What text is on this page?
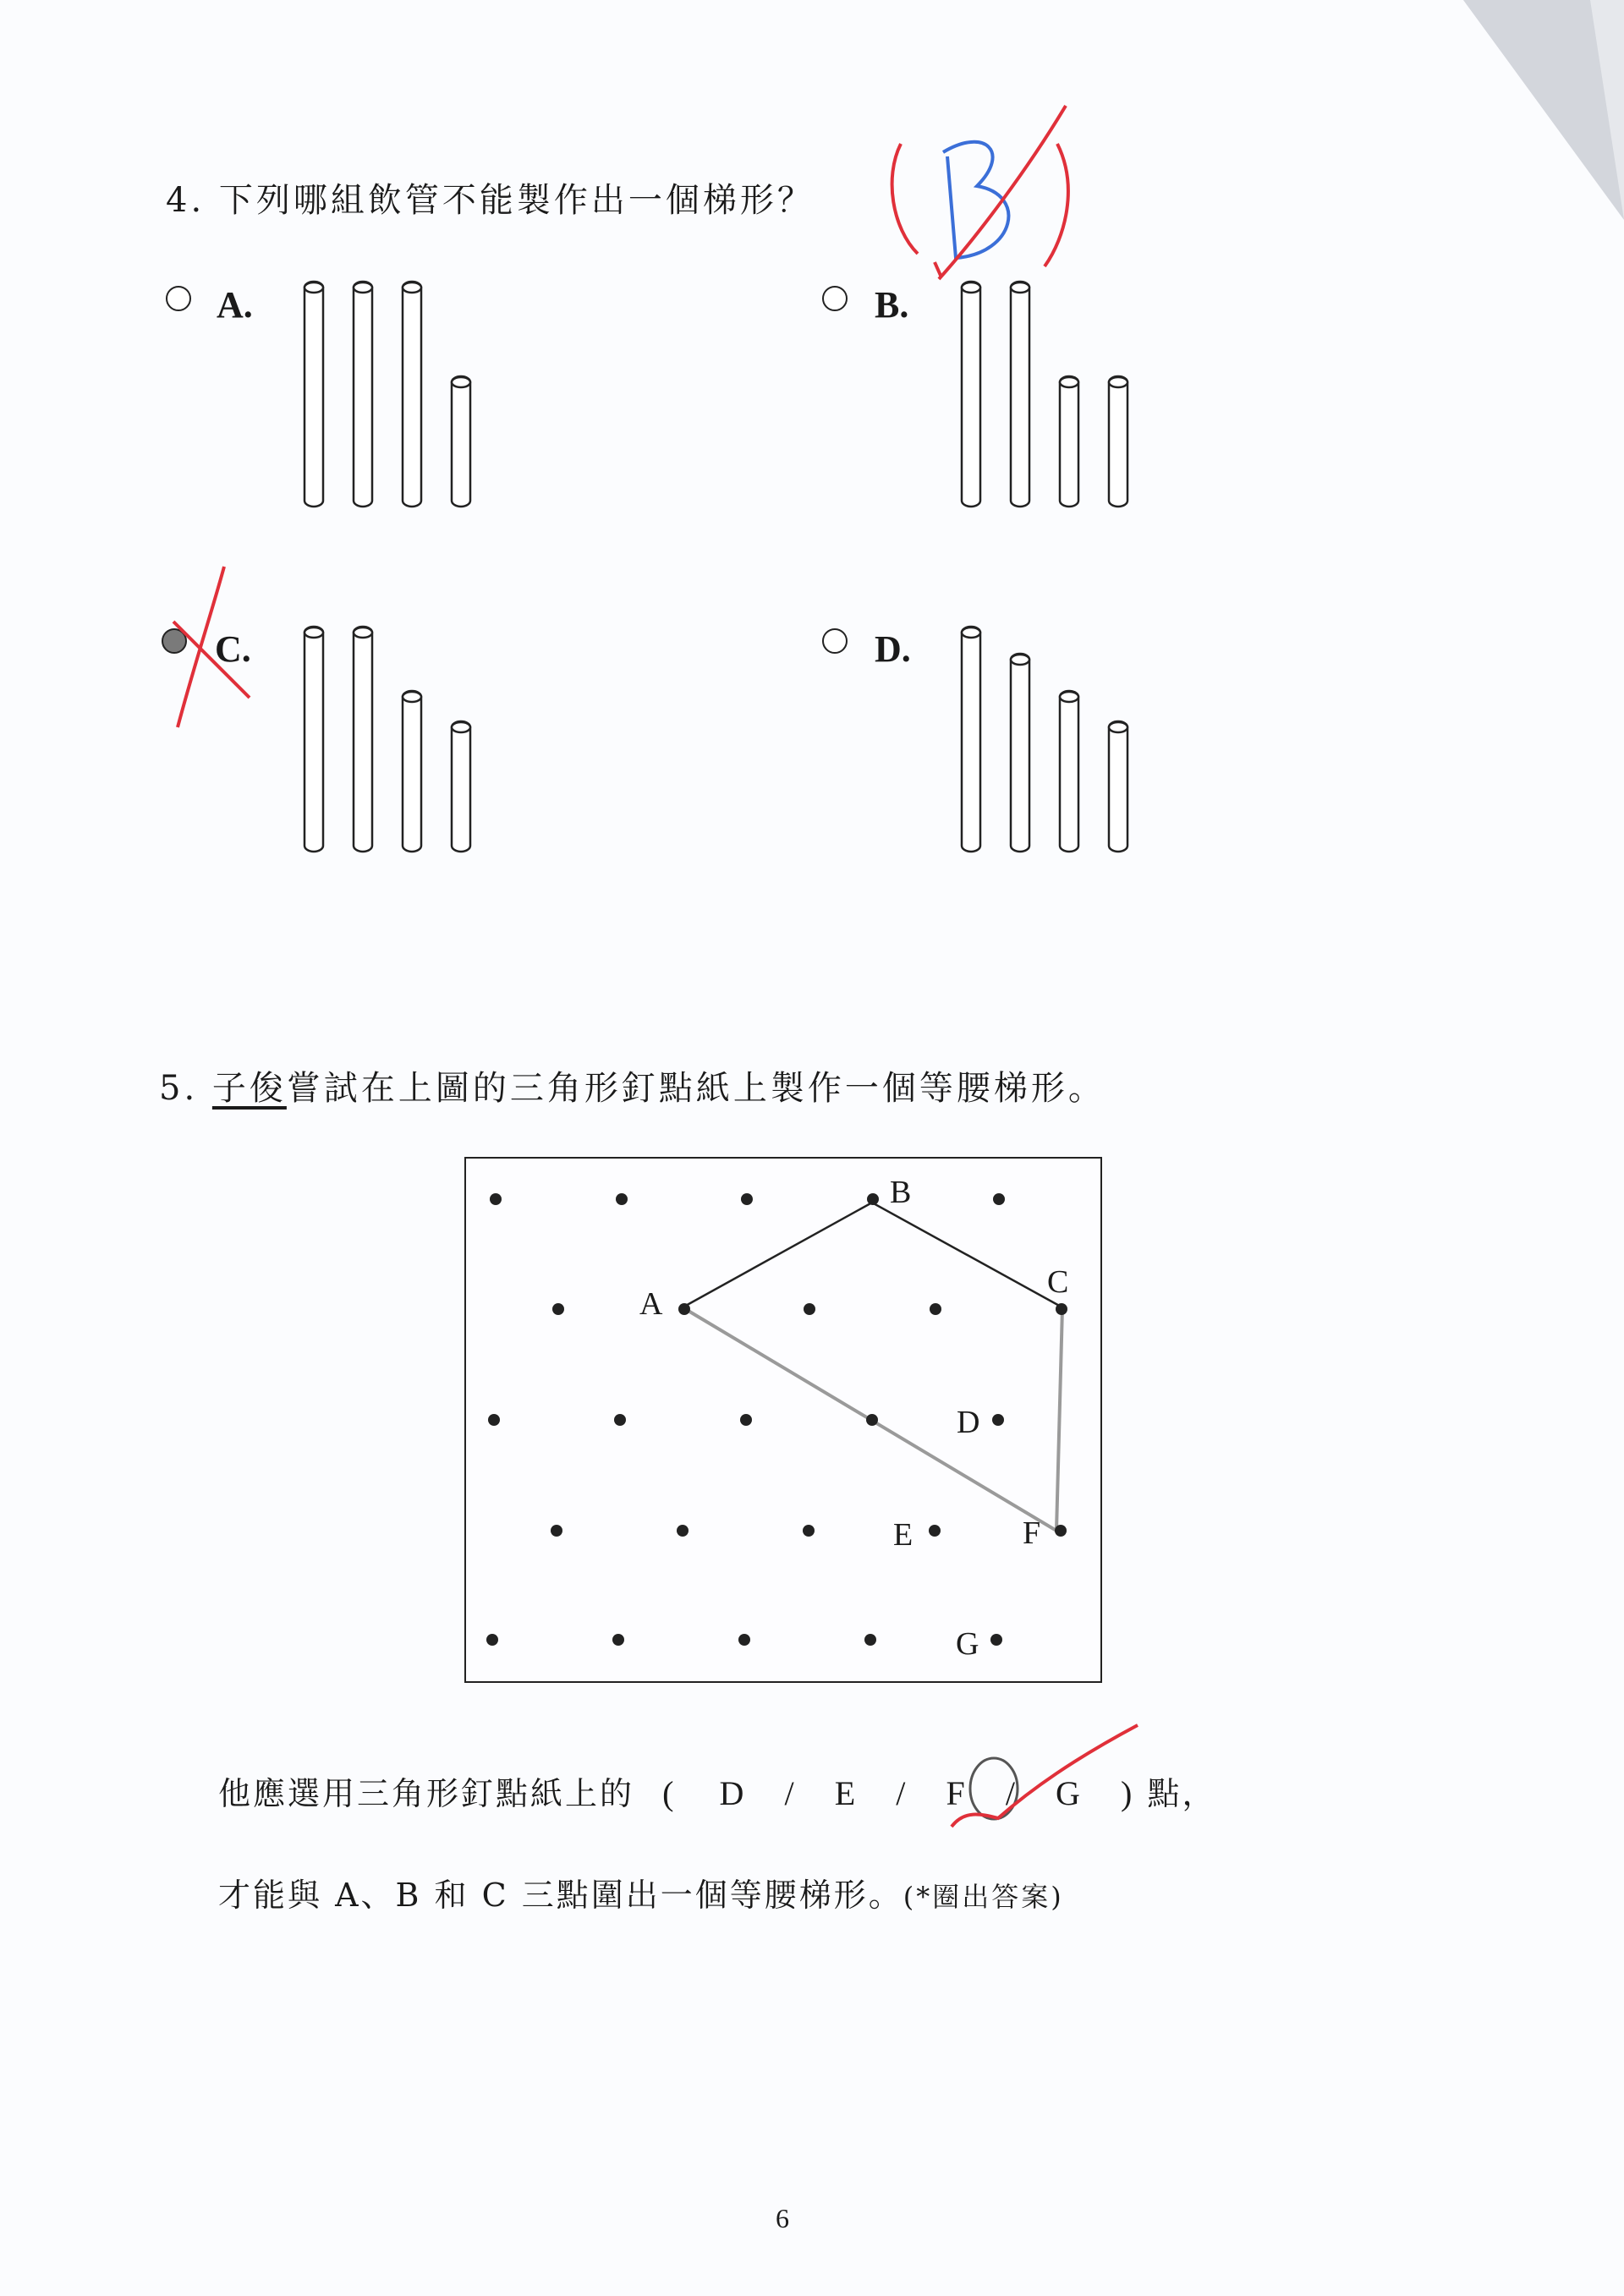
4. 下列哪組飲管不能製作出一個梯形？
A.	B.
C.	D.
5. 子俊嘗試在上圖的三角形釘點紙上製作一個等腰梯形。
B
A
C
D
E	F
G
他應選用三角形釘點紙上的 ( D / E / F / G ) 點，
才能與 A、B 和 C 三點圍出一個等腰梯形。(*圈出答案)
6
